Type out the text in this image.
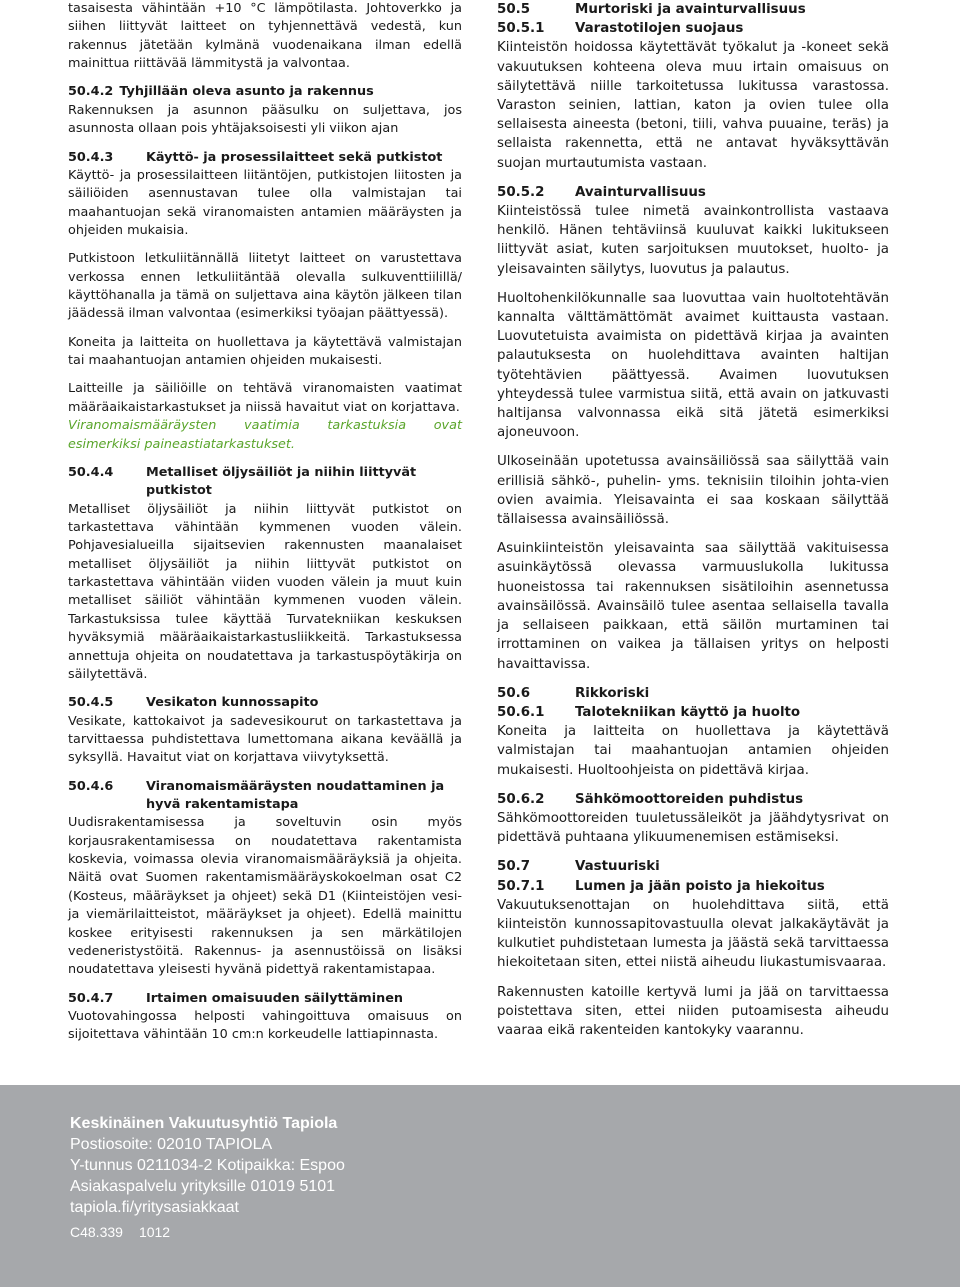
tasaisesta vähintään +10 °C lämpötilasta. Johtoverkko ja siihen liittyvät laitteet on tyhjennettävä vedestä, kun rakennus jätetään kylmänä vuodenaikana ilman edellä mainittua riittävää lämmitystä ja valvontaa.

50.4.2 Tyhjillään oleva asunto ja rakennus

Rakennuksen ja asunnon pääsulku on suljettava, jos asunnosta ollaan pois yhtäjaksoisesti yli viikon ajan

50.4.3	Käyttö- ja prosessilaitteet sekä putkistot

Käyttö- ja prosessilaitteen liitäntöjen, putkistojen liitosten ja säiliöiden asennustavan tulee olla valmistajan tai maahantuojan sekä viranomaisten antamien määräysten ja ohjeiden mukaisia.

Putkistoon letkuliitännällä liitetyt laitteet on varustettava verkossa ennen letkuliitäntää olevalla sulkuventtiilillä/ käyttöhanalla ja tämä on suljettava aina käytön jälkeen tilan jäädessä ilman valvontaa (esimerkiksi työajan päättyessä).

Koneita ja laitteita on huollettava ja käytettävä valmistajan tai maahantuojan antamien ohjeiden mukaisesti.

Laitteille ja säiliöille on tehtävä viranomaisten vaatimat määräaikaistarkastukset ja niissä havaitut viat on korjattava.

Viranomaismääräysten vaatimia tarkastuksia ovat esimerkiksi paineastiatarkastukset.

50.4.4	Metalliset öljysäiliöt ja niihin liittyvät putkistot

Metalliset öljysäiliöt ja niihin liittyvät putkistot on tarkastettava vähintään kymmenen vuoden välein. Pohjavesialueilla sijaitsevien rakennusten maanalaiset metalliset öljysäiliöt ja niihin liittyvät putkistot on tarkastettava vähintään viiden vuoden välein ja muut kuin metalliset säiliöt vähintään kymmenen vuoden välein. Tarkastuksissa tulee käyttää Turvatekniikan keskuksen hyväksymiä määräaikaistarkastusliikkeitä. Tarkastuksessa annettuja ohjeita on noudatettava ja tarkastuspöytäkirja on säilytettävä.

50.4.5	Vesikaton kunnossapito

Vesikate, kattokaivot ja sadevesikourut on tarkastettava ja tarvittaessa puhdistettava lumettomana aikana keväällä ja syksyllä. Havaitut viat on korjattava viivytyksettä.

50.4.6	Viranomaismääräysten noudattaminen ja hyvä rakentamistapa

Uudisrakentamisessa ja soveltuvin osin myös korjausrakentamisessa on noudatettava rakentamista koskevia, voimassa olevia viranomaismääräyksiä ja ohjeita. Näitä ovat Suomen rakentamismääräyskokoelman osat C2 (Kosteus, määräykset ja ohjeet) sekä D1 (Kiinteistöjen vesi- ja viemärilaitteistot, määräykset ja ohjeet). Edellä mainittu koskee erityisesti rakennuksen ja sen märkätilojen vedeneristystöitä. Rakennus- ja asennustöissä on lisäksi noudatettava yleisesti hyvänä pidettyä rakentamistapaa.

50.4.7	Irtaimen omaisuuden säilyttäminen

Vuotovahingossa helposti vahingoittuva omaisuus on sijoitettava vähintään 10 cm:n korkeudelle lattiapinnasta.

50.5	Murtoriski ja avainturvallisuus
50.5.1	Varastotilojen suojaus

Kiinteistön hoidossa käytettävät työkalut ja -koneet sekä vakuutuksen kohteena oleva muu irtain omaisuus on säilytettävä niille tarkoitetussa lukitussa varastossa. Varaston seinien, lattian, katon ja ovien tulee olla sellaisesta aineesta (betoni, tiili, vahva puuaine, teräs) ja sellaista rakennetta, että ne antavat hyväksyttävän suojan murtautumista vastaan.

50.5.2	Avainturvallisuus

Kiinteistössä tulee nimetä avainkontrollista vastaava henkilö. Hänen tehtäviinsä kuuluvat kaikki lukitukseen liittyvät asiat, kuten sarjoituksen muutokset, huolto- ja yleisavainten säilytys, luovutus ja palautus.

Huoltohenkilökunnalle saa luovuttaa vain huoltotehtävän kannalta välttämättömät avaimet kuittausta vastaan. Luovutetuista avaimista on pidettävä kirjaa ja avainten palautuksesta on huolehdittava avainten haltijan työtehtävien päättyessä. Avaimen luovutuksen yhteydessä tulee varmistua siitä, että avain on jatkuvasti haltijansa valvonnassa eikä sitä jätetä esimerkiksi ajoneuvoon.

Ulkoseinään upotetussa avainsäiliössä saa säilyttää vain erillisiä sähkö-, puhelin- yms. teknisiin tiloihin johta-vien ovien avaimia. Yleisavainta ei saa koskaan säilyttää tällaisessa avainsäiliössä.

Asuinkiinteistön yleisavainta saa säilyttää vakituisessa asuinkäytössä olevassa varmuuslukolla lukitussa huoneistossa tai rakennuksen sisätiloihin asennetussa avainsäilössä. Avainsäilö tulee asentaa sellaisella tavalla ja sellaiseen paikkaan, että säilön murtaminen tai irrottaminen on vaikea ja tällaisen yritys on helposti havaittavissa.

50.6	Rikkoriski
50.6.1	Talotekniikan käyttö ja huolto

Koneita ja laitteita on huollettava ja käytettävä valmistajan tai maahantuojan antamien ohjeiden mukaisesti. Huoltoohjeista on pidettävä kirjaa.

50.6.2	Sähkömoottoreiden puhdistus

Sähkömoottoreiden tuuletussäleiköt ja jäähdytysrivat on pidettävä puhtaana ylikuumenemisen estämiseksi.

50.7	Vastuuriski
50.7.1	Lumen ja jään poisto ja hiekoitus

Vakuutuksenottajan on huolehdittava siitä, että kiinteistön kunnossapitovastuulla olevat jalkakäytävät ja kulkutiet puhdistetaan lumesta ja jäästä sekä tarvittaessa hiekoitetaan siten, ettei niistä aiheudu liukastumisvaaraa.

Rakennusten katoille kertyvä lumi ja jää on tarvittaessa poistettava siten, ettei niiden putoamisesta aiheudu vaaraa eikä rakenteiden kantokyky vaarannu.

Keskinäinen Vakuutusyhtiö Tapiola
Postiosoite: 02010 TAPIOLA
Y-tunnus 0211034-2 Kotipaikka: Espoo
Asiakaspalvelu yrityksille 01019 5101
tapiola.fi/yritysasiakkaat
C48.339 1012
